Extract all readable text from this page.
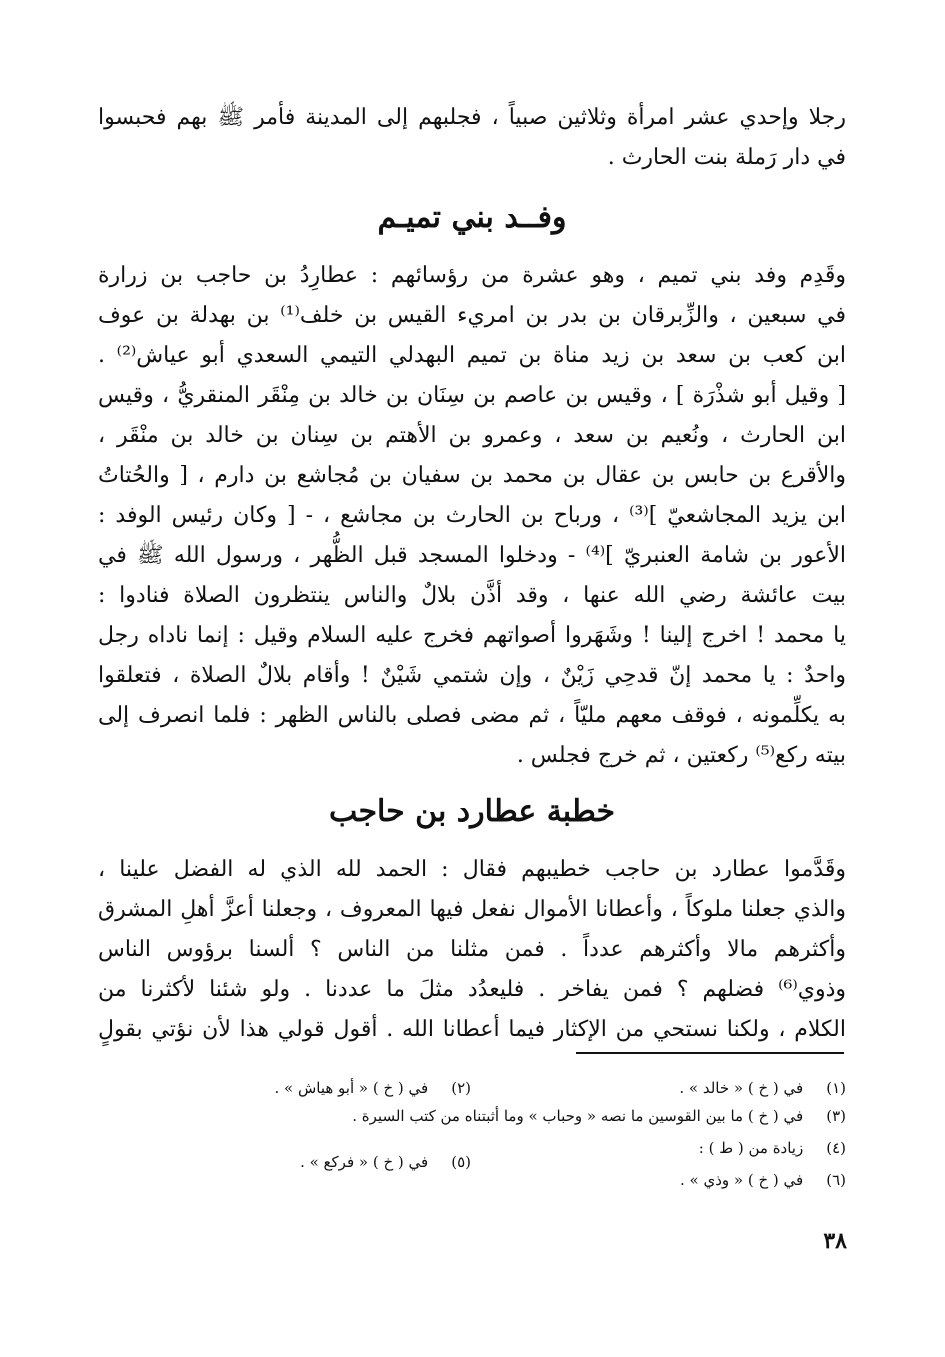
رجلا وإحدي عشر امرأة وثلاثين صبياً ، فجلبهم إلى المدينة فأمر ﷺ بهم فحبسوا
في دار رَملة بنت الحارث .
وفــد بني تميـم
وقَدِم وفد بني تميم ، وهو عشرة من رؤسائهم : عطارِدُ بن حاجب بن زرارة
في سبعين ، والزِّبرقان بن بدر بن امريء القيس بن خلف⁽¹⁾ بن بهدلة بن عوف
ابن كعب بن سعد بن زيد مناة بن تميم البهدلي التيمي السعدي أبو عياش⁽²⁾ .
[ وقيل أبو شذْرَة ] ، وقيس بن عاصم بن سِنَان بن خالد بن مِنْقَر المنقريُّ ، وقيس
ابن الحارث ، ونُعيم بن سعد ، وعمرو بن الأهتم بن سِنان بن خالد بن منْقَر ،
والأقرع بن حابس بن عقال بن محمد بن سفيان بن مُجاشع بن دارم ، [ والحُتاتُ
ابن يزيد المجاشعيّ ]⁽³⁾ ، ورباح بن الحارث بن مجاشع ، - [ وكان رئيس الوفد :
الأعور بن شامة العنبريّ ]⁽⁴⁾ - ودخلوا المسجد قبل الظُّهر ، ورسول الله ﷺ في
بيت عائشة رضي الله عنها ، وقد أذَّن بلالٌ والناس ينتظرون الصلاة فنادوا :
يا محمد ! اخرج إلينا ! وشَهَروا أصواتهم فخرج عليه السلام وقيل : إنما ناداه رجل
واحدٌ : يا محمد إنّ قدحِي زَيْنٌ ، وإن شتمي شَيْنٌ ! وأقام بلالٌ الصلاة ، فتعلقوا
به يكلِّمونه ، فوقف معهم مليّاً ، ثم مضى فصلى بالناس الظهر : فلما انصرف إلى
بيته ركع⁽⁵⁾ ركعتين ، ثم خرج فجلس .
خطبة عطارد بن حاجب
وقَدَّموا عطارد بن حاجب خطيبهم فقال : الحمد لله الذي له الفضل علينا ،
والذي جعلنا ملوكاً ، وأعطانا الأموال نفعل فيها المعروف ، وجعلنا أعزَّ أهلِ المشرق
وأكثرهم مالا وأكثرهم عدداً . فمن مثلنا من الناس ؟ ألسنا برؤوس الناس
وذوي⁽⁶⁾ فضلهم ؟ فمن يفاخر . فليعدُد مثلَ ما عددنا . ولو شئنا لأكثرنا من
الكلام ، ولكنا نستحي من الإكثار فيما أعطانا الله . أقول قولي هذا لأن نؤتي بقولٍ
(١) في ( خ ) « خالد » .
(٢) في ( خ ) « أبو هياش » .
(٣) في ( خ ) ما بين القوسين ما نصه « وحباب » وما أثبتناه من كتب السيرة .
(٤) زيادة من ( ط ) :
(٥) في ( خ ) « فركع » .
(٦) في ( خ ) « وذي » .
٣٨
